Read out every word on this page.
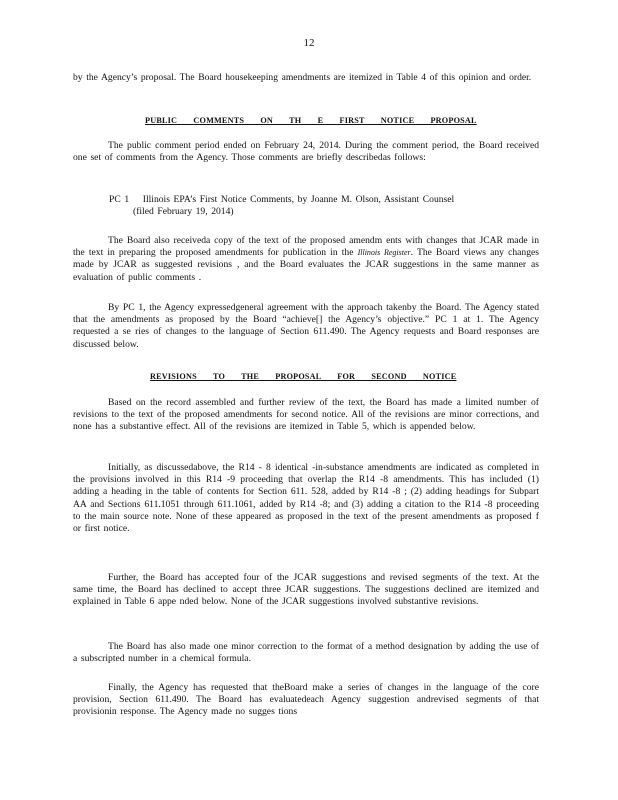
12

by the Agency’s proposal. The Board housekeeping amendments are itemized in Table 4 of this opinion and order.

PUBLIC COMMENTS ON TH E FIRST NOTICE PROPOSAL

The public comment period ended on February 24, 2014. During the comment period, the Board received one set of comments from the Agency. Those comments are briefly describedas follows:

PC 1 Illinois EPA’s First Notice Comments, by Joanne M. Olson, Assistant Counsel
(filed February 19, 2014)

The Board also receiveda copy of the text of the proposed amendm ents with changes that JCAR made in the text in preparing the proposed amendments for publication in the Illinois Register. The Board views any changes made by JCAR as suggested revisions , and the Board evaluates the JCAR suggestions in the same manner as evaluation of public comments .

By PC 1, the Agency expressedgeneral agreement with the approach takenby the Board. The Agency stated that the amendments as proposed by the Board “achieve[] the Agency’s objective.” PC 1 at 1. The Agency requested a se ries of changes to the language of Section 611.490. The Agency requests and Board responses are discussed below.

REVISIONS TO THE PROPOSAL FOR SECOND NOTICE

Based on the record assembled and further review of the text, the Board has made a limited number of revisions to the text of the proposed amendments for second notice. All of the revisions are minor corrections, and none has a substantive effect. All of the revisions are itemized in Table 5, which is appended below.

Initially, as discussedabove, the R14 - 8 identical -in-substance amendments are indicated as completed in the provisions involved in this R14 -9 proceeding that overlap the R14 -8 amendments. This has included (1) adding a heading in the table of contents for Section 611. 528, added by R14 -8 ; (2) adding headings for Subpart AA and Sections 611.1051 through 611.1061, added by R14 -8; and (3) adding a citation to the R14 -8 proceeding to the main source note. None of these appeared as proposed in the text of the present amendments as proposed f or first notice.

Further, the Board has accepted four of the JCAR suggestions and revised segments of the text. At the same time, the Board has declined to accept three JCAR suggestions. The suggestions declined are itemized and explained in Table 6 appe nded below. None of the JCAR suggestions involved substantive revisions.

The Board has also made one minor correction to the format of a method designation by adding the use of a subscripted number in a chemical formula.

Finally, the Agency has requested that theBoard make a series of changes in the language of the core provision, Section 611.490. The Board has evaluatedeach Agency suggestion andrevised segments of that provisionin response. The Agency made no sugges tions
